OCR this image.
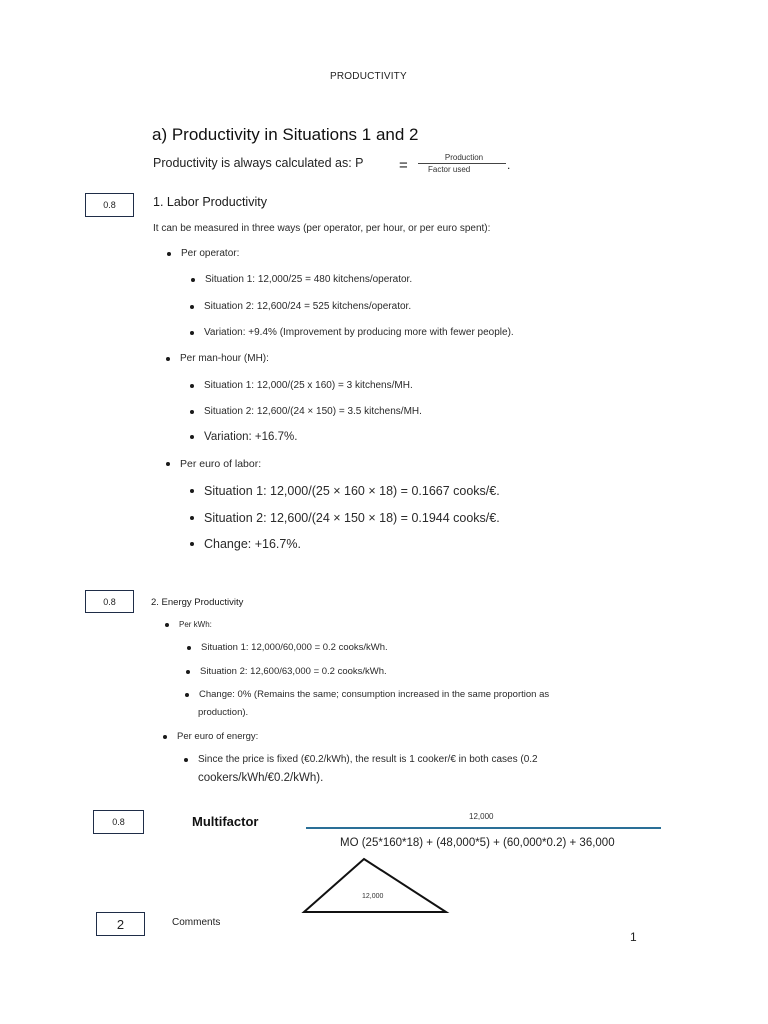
PRODUCTIVITY
a) Productivity in Situations 1 and 2
Productivity is always calculated as: P =	Production
Factor used	.
0.8
0.8
0.8
2
1. Labor Productivity
It can be measured in three ways (per operator, per hour, or per euro spent):
Per operator:
Situation 1: 12,000/25 = 480 kitchens/operator.
Situation 2: 12,600/24 = 525 kitchens/operator.
Variation: +9.4% (Improvement by producing more with fewer people).
Per man-hour (MH):
Situation 1: 12,000/(25 x 160) = 3 kitchens/MH.
Situation 2: 12,600/(24 × 150) = 3.5 kitchens/MH.
Variation: +16.7%.
Per euro of labor:
Situation 1: 12,000/(25 × 160 × 18) = 0.1667 cooks/€.
Situation 2: 12,600/(24 × 150 × 18) = 0.1944 cooks/€.
Change: +16.7%.
2. Energy Productivity
Per kWh:
Situation 1: 12,000/60,000 = 0.2 cooks/kWh.
Situation 2: 12,600/63,000 = 0.2 cooks/kWh.
Change: 0% (Remains the same; consumption increased in the same proportion as
production).
Per euro of energy:
Since the price is fixed (€0.2/kWh), the result is 1 cooker/€ in both cases (0.2
cookers/kWh/€0.2/kWh).
Multifactor	12,000
MO (25*160*18) + (48,000*5) + (60,000*0.2) + 36,000
12,000
Comments
1
